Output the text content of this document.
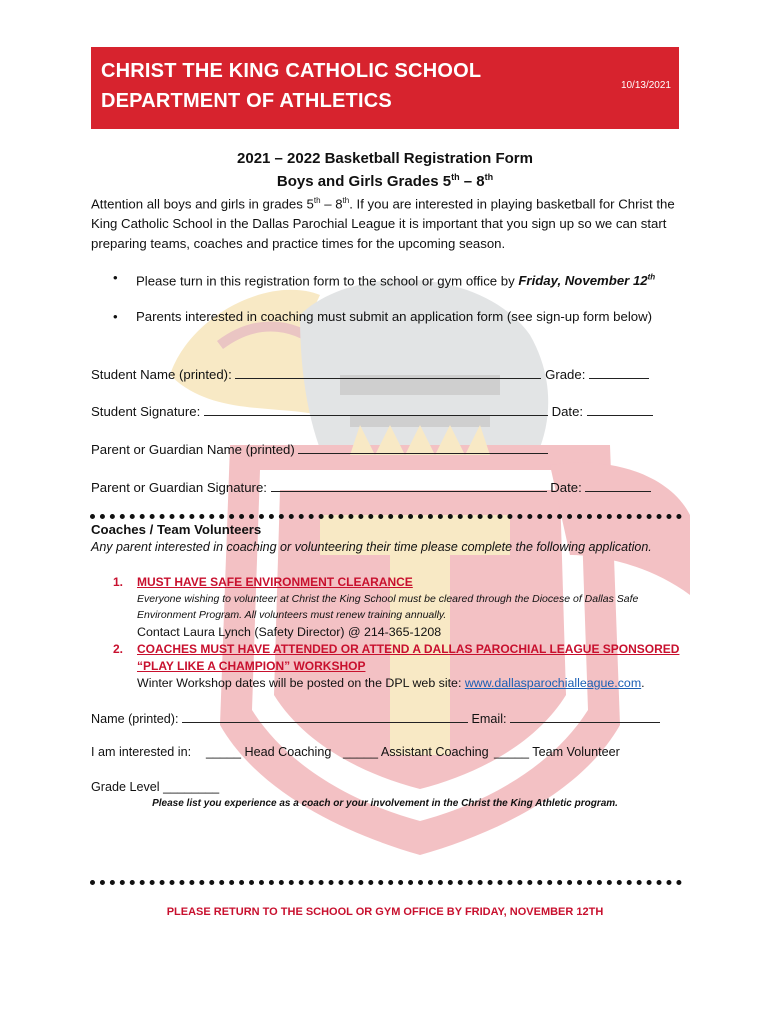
CHRIST THE KING CATHOLIC SCHOOL
DEPARTMENT OF ATHLETICS
10/13/2021
2021 – 2022 Basketball Registration Form
Boys and Girls Grades 5th – 8th
Attention all boys and girls in grades 5th – 8th. If you are interested in playing basketball for Christ the King Catholic School in the Dallas Parochial League it is important that you sign up so we can start preparing teams, coaches and practice times for the upcoming season.
• Please turn in this registration form to the school or gym office by Friday, November 12th
• Parents interested in coaching must submit an application form (see sign-up form below)
Student Name (printed):	Grade:
Student Signature:	Date:
Parent or Guardian Name (printed)
Parent or Guardian Signature:	Date:
Coaches / Team Volunteers
Any parent interested in coaching or volunteering their time please complete the following application.
1. MUST HAVE SAFE ENVIRONMENT CLEARANCE
Everyone wishing to volunteer at Christ the King School must be cleared through the Diocese of Dallas Safe
Environment Program. All volunteers must renew training annually.
Contact Laura Lynch (Safety Director) @ 214-365-1208
2. COACHES MUST HAVE ATTENDED OR ATTEND A DALLAS PAROCHIAL LEAGUE SPONSORED
“PLAY LIKE A CHAMPION” WORKSHOP
Winter Workshop dates will be posted on the DPL web site: www.dallasparochialleague.com.
Name (printed):	Email:
I am interested in: _____ Head Coaching _____ Assistant Coaching _____ Team Volunteer
Grade Level ________
Please list you experience as a coach or your involvement in the Christ the King Athletic program.
PLEASE RETURN TO THE SCHOOL OR GYM OFFICE BY FRIDAY, NOVEMBER 12TH
